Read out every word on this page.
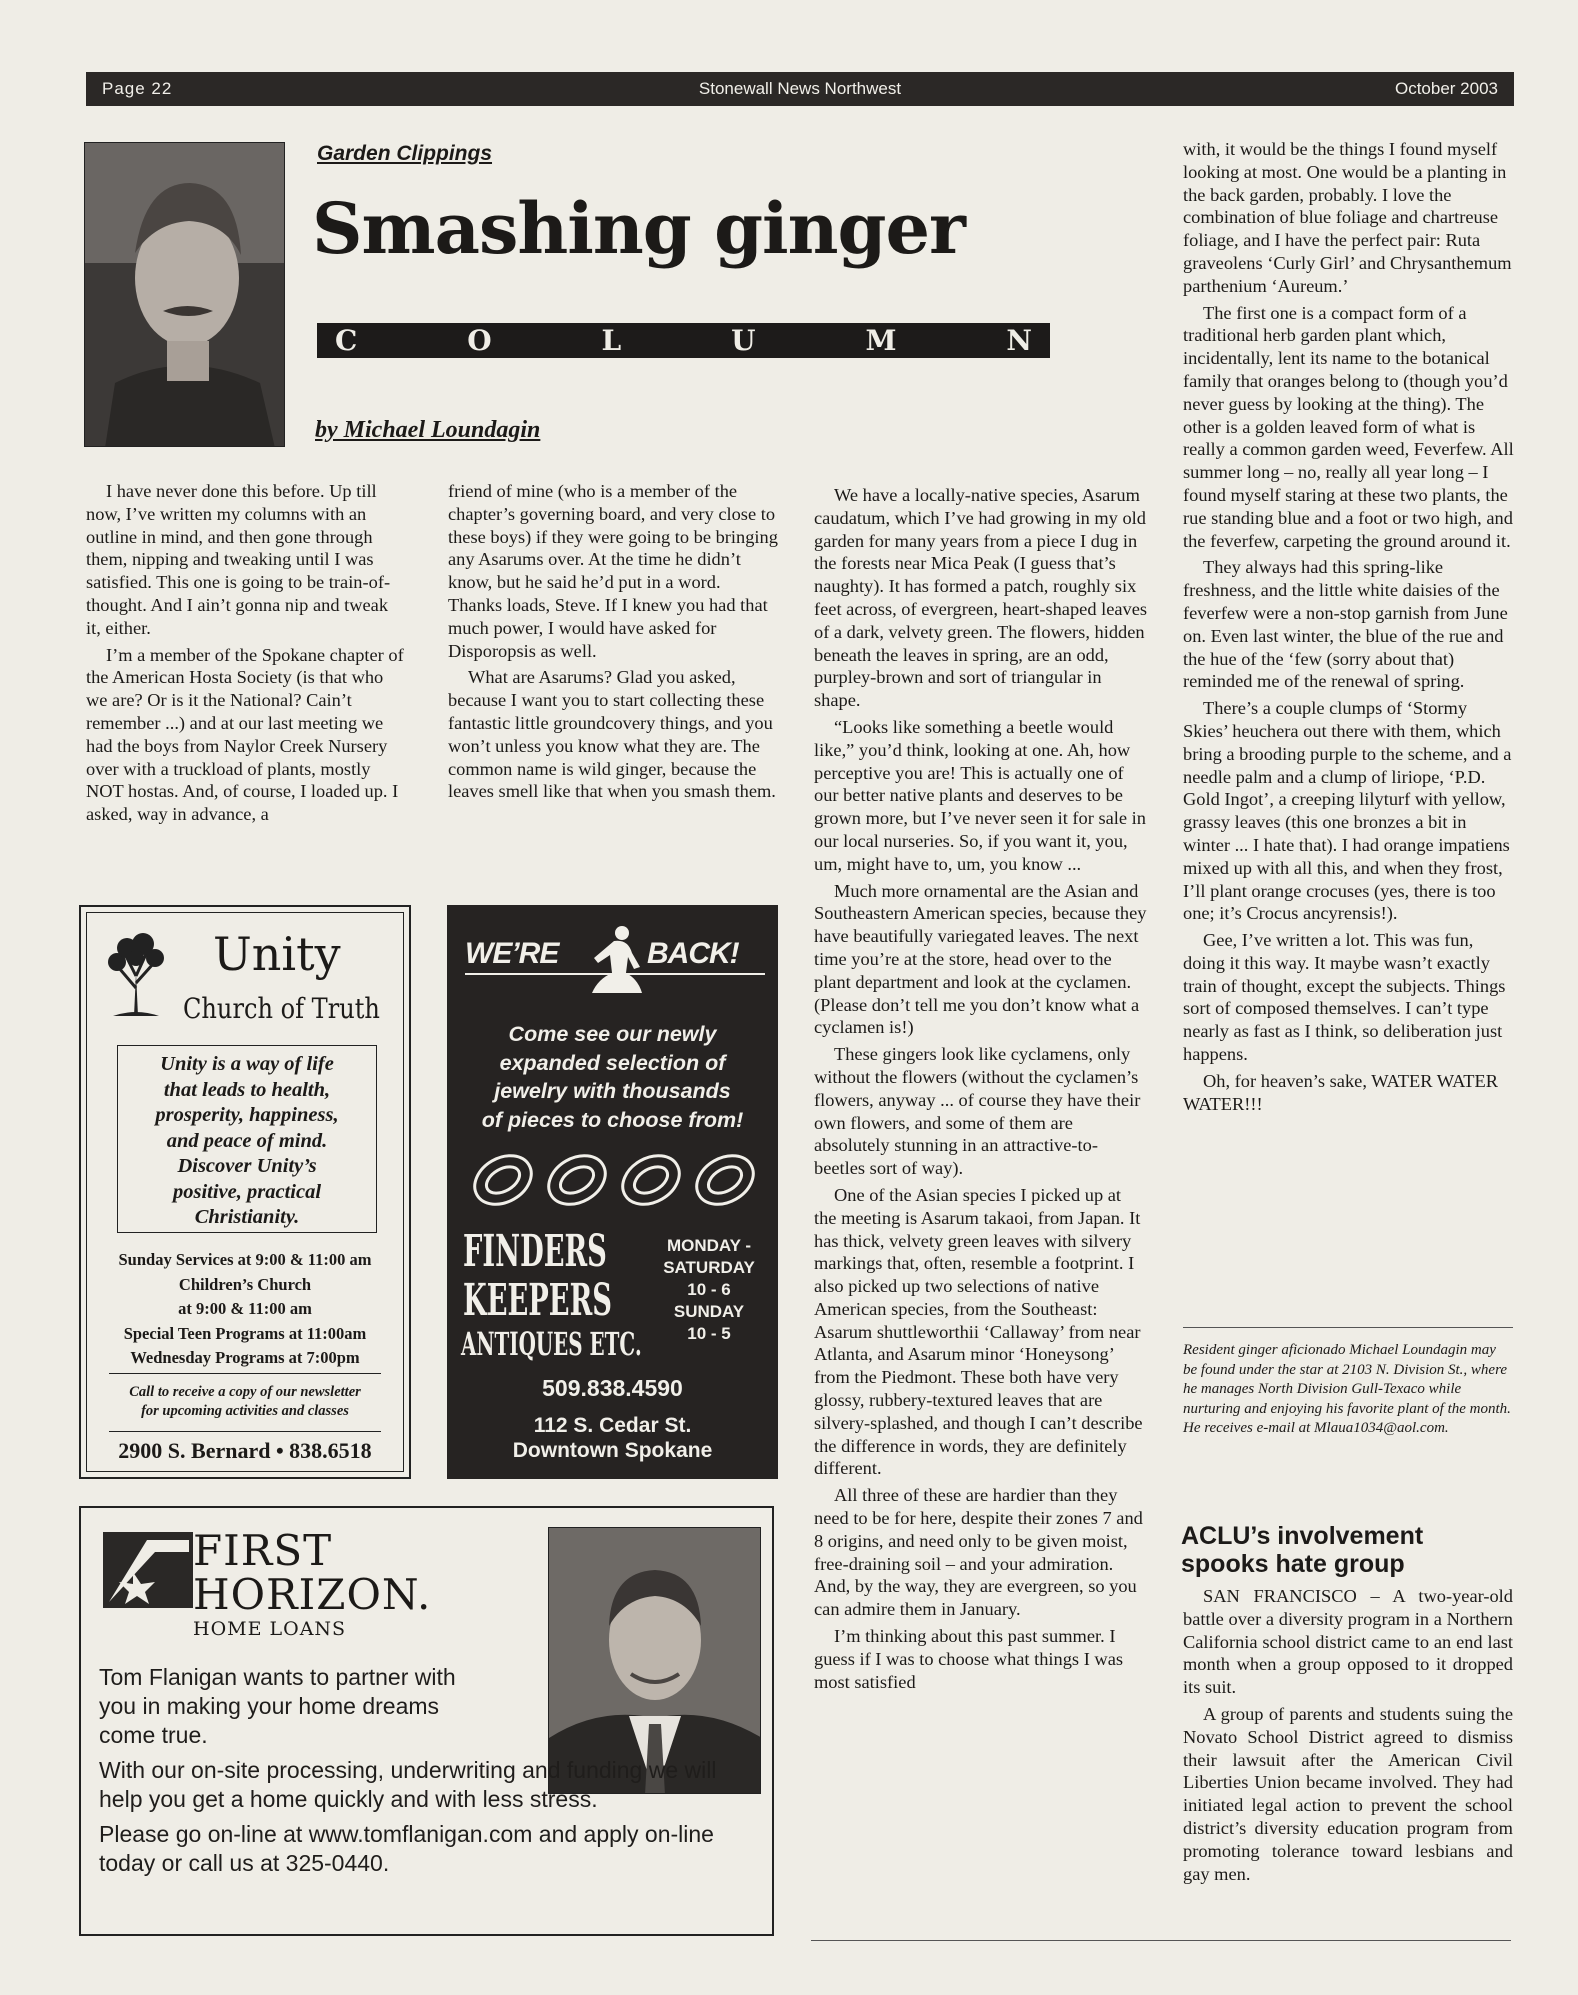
Page 22	Stonewall News Northwest	October 2003
Garden Clippings
Smashing ginger
C	O	L	U	M	N
by Michael Loundagin

I have never done this before. Up till now, I’ve written my columns with an outline in mind, and then gone through them, nipping and tweaking until I was satisfied. This one is going to be train-of-thought. And I ain’t gonna nip and tweak it, either.

I’m a member of the Spokane chapter of the American Hosta Society (is that who we are? Or is it the National? Cain’t remember ...) and at our last meeting we had the boys from Naylor Creek Nursery over with a truckload of plants, mostly NOT hostas. And, of course, I loaded up. I asked, way in advance, a

friend of mine (who is a member of the chapter’s governing board, and very close to these boys) if they were going to be bringing any Asarums over. At the time he didn’t know, but he said he’d put in a word. Thanks loads, Steve. If I knew you had that much power, I would have asked for Disporopsis as well.

What are Asarums? Glad you asked, because I want you to start collecting these fantastic little groundcovery things, and you won’t unless you know what they are. The common name is wild ginger, because the leaves smell like that when you smash them.

We have a locally-native species, Asarum caudatum, which I’ve had growing in my old garden for many years from a piece I dug in the forests near Mica Peak (I guess that’s naughty). It has formed a patch, roughly six feet across, of evergreen, heart-shaped leaves of a dark, velvety green. The flowers, hidden beneath the leaves in spring, are an odd, purpley-brown and sort of triangular in shape.

“Looks like something a beetle would like,” you’d think, looking at one. Ah, how perceptive you are! This is actually one of our better native plants and deserves to be grown more, but I’ve never seen it for sale in our local nurseries. So, if you want it, you, um, might have to, um, you know ...

Much more ornamental are the Asian and Southeastern American species, because they have beautifully variegated leaves. The next time you’re at the store, head over to the plant department and look at the cyclamen. (Please don’t tell me you don’t know what a cyclamen is!)

These gingers look like cyclamens, only without the flowers (without the cyclamen’s flowers, anyway ... of course they have their own flowers, and some of them are absolutely stunning in an attractive-to-beetles sort of way).

One of the Asian species I picked up at the meeting is Asarum takaoi, from Japan. It has thick, velvety green leaves with silvery markings that, often, resemble a footprint. I also picked up two selections of native American species, from the Southeast: Asarum shuttleworthii ‘Callaway’ from near Atlanta, and Asarum minor ‘Honeysong’ from the Piedmont. These both have very glossy, rubbery-textured leaves that are silvery-splashed, and though I can’t describe the difference in words, they are definitely different.

All three of these are hardier than they need to be for here, despite their zones 7 and 8 origins, and need only to be given moist, free-draining soil – and your admiration. And, by the way, they are evergreen, so you can admire them in January.

I’m thinking about this past summer. I guess if I was to choose what things I was most satisfied

with, it would be the things I found myself looking at most. One would be a planting in the back garden, probably. I love the combination of blue foliage and chartreuse foliage, and I have the perfect pair: Ruta graveolens ‘Curly Girl’ and Chrysanthemum parthenium ‘Aureum.’

The first one is a compact form of a traditional herb garden plant which, incidentally, lent its name to the botanical family that oranges belong to (though you’d never guess by looking at the thing). The other is a golden leaved form of what is really a common garden weed, Feverfew. All summer long – no, really all year long – I found myself staring at these two plants, the rue standing blue and a foot or two high, and the feverfew, carpeting the ground around it.

They always had this spring-like freshness, and the little white daisies of the feverfew were a non-stop garnish from June on. Even last winter, the blue of the rue and the hue of the ‘few (sorry about that) reminded me of the renewal of spring.

There’s a couple clumps of ‘Stormy Skies’ heuchera out there with them, which bring a brooding purple to the scheme, and a needle palm and a clump of liriope, ‘P.D. Gold Ingot’, a creeping lilyturf with yellow, grassy leaves (this one bronzes a bit in winter ... I hate that). I had orange impatiens mixed up with all this, and when they frost, I’ll plant orange crocuses (yes, there is too one; it’s Crocus ancyrensis!).

Gee, I’ve written a lot. This was fun, doing it this way. It maybe wasn’t exactly train of thought, except the subjects. Things sort of composed themselves. I can’t type nearly as fast as I think, so deliberation just happens.

Oh, for heaven’s sake, WATER WATER WATER!!!

Resident ginger aficionado Michael Loundagin may be found under the star at 2103 N. Division St., where he manages North Division Gull-Texaco while nurturing and enjoying his favorite plant of the month. He receives e-mail at Mlaua1034@aol.com.
ACLU’s involvement spooks hate group

SAN FRANCISCO – A two-year-old battle over a diversity program in a Northern California school district came to an end last month when a group opposed to it dropped its suit.

A group of parents and students suing the Novato School District agreed to dismiss their lawsuit after the American Civil Liberties Union became involved. They had initiated legal action to prevent the school district’s diversity education program from promoting tolerance toward lesbians and gay men.

Unity
Church of Truth
Unity is a way of life
that leads to health,
prosperity, happiness,
and peace of mind.
Discover Unity’s
positive, practical
Christianity.
Sunday Services at 9:00 & 11:00 am
Children’s Church
at 9:00 & 11:00 am
Special Teen Programs at 11:00am
Wednesday Programs at 7:00pm
Call to receive a copy of our newsletter
for upcoming activities and classes
2900 S. Bernard • 838.6518
WE’RE	BACK!
Come see our newly
expanded selection of
jewelry with thousands
of pieces to choose from!
FINDERS
KEEPERS
ANTIQUES ETC.
MONDAY -
SATURDAY
10 - 6
SUNDAY
10 - 5
509.838.4590
112 S. Cedar St.
Downtown Spokane
FIRST
HORIZON.
HOME LOANS

Tom Flanigan wants to partner with you in making your home dreams come true.

With our on-site processing, underwriting and funding we will help you get a home quickly and with less stress.

Please go on-line at www.tomflanigan.com and apply on-line today or call us at 325-0440.
